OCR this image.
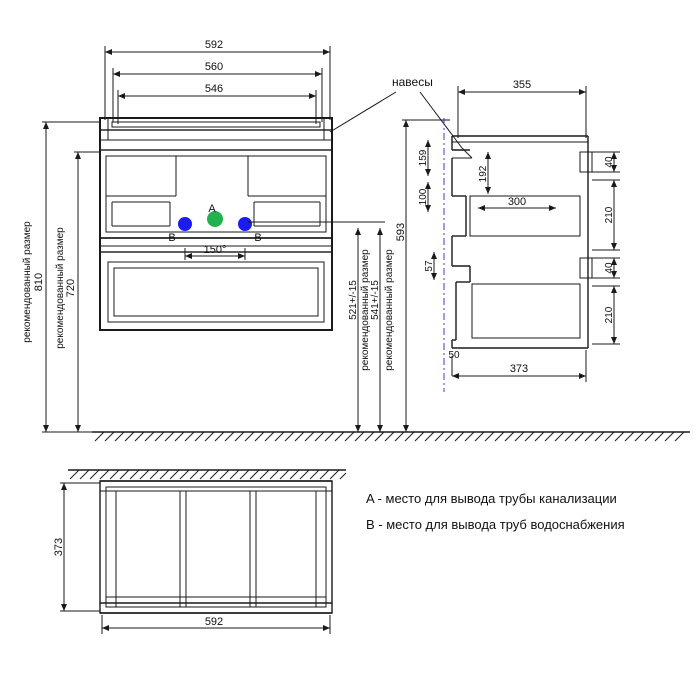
A
B	B
150°
592
560
546
810
рекомендованный размер	720
рекомендованный размер	521+/-15 541+/-15
рекомендованный размер рекомендованный размер
навесы	355
159
100
192
300
40
210
40
210
57
50
373
593
373
592
A - место для вывода трубы канализации
B - место для вывода труб водоснабжения
